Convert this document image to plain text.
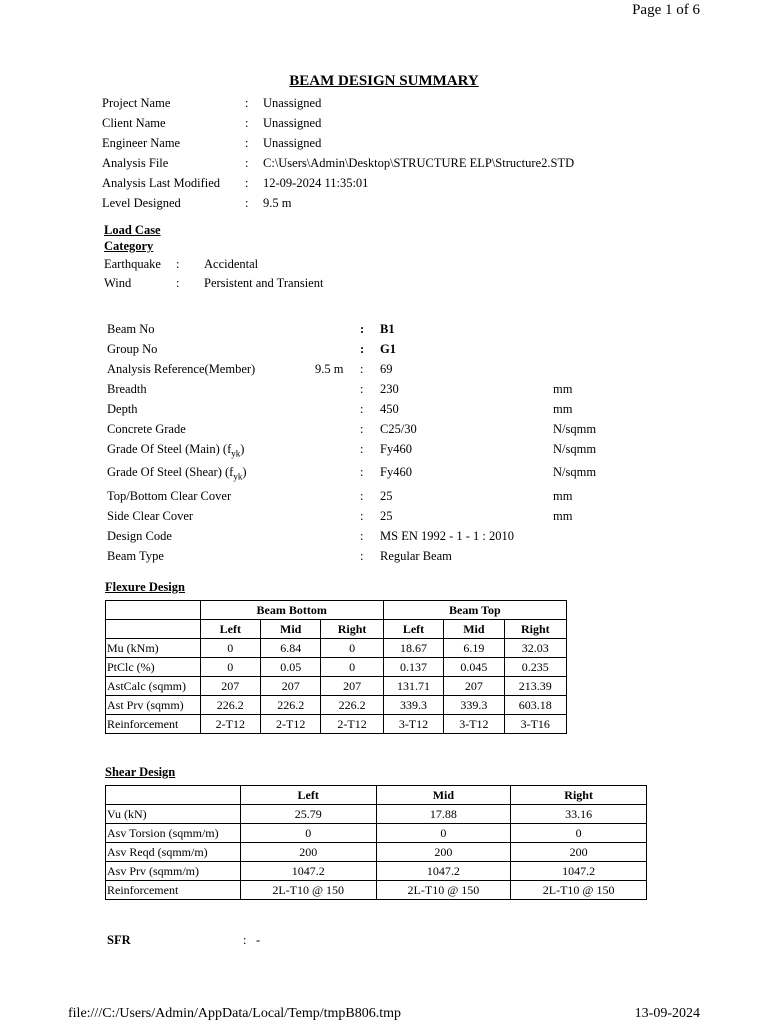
Page 1 of 6
BEAM DESIGN SUMMARY
Project Name	: Unassigned
Client Name	: Unassigned
Engineer Name	: Unassigned
Analysis File	: C:\Users\Admin\Desktop\STRUCTURE ELP\Structure2.STD
Analysis Last Modified : 12-09-2024 11:35:01
Level Designed	: 9.5 m
Load Case
Category
Earthquake : Accidental
Wind	: Persistent and Transient
Beam No	: B1
Group No	: G1
Analysis Reference(Member)	9.5 m : 69
Breadth	: 230	mm
Depth	: 450	mm
Concrete Grade	: C25/30	N/sqmm
Grade Of Steel (Main) $(f_{yk})$	: Fy460	N/sqmm
Grade Of Steel (Shear) $(f_{yk})$	: Fy460	N/sqmm
Top/Bottom Clear Cover	: 25	mm
Side Clear Cover	: 25	mm
Design Code	: MS EN 1992 - 1 - 1 : 2010
Beam Type	: Regular Beam
Flexure Design
	Beam Bottom			Beam Top		
	Left	Mid	Right	Left	Mid	Right
Mu (kNm)	0	6.84	0	18.67	6.19	32.03
PtClc (%)	0	0.05	0	0.137	0.045	0.235
AstCalc (sqmm)	207	207	207	131.71	207	213.39
Ast Prv (sqmm)	226.2	226.2	226.2	339.3	339.3	603.18
Reinforcement	2-T12	2-T12	2-T12	3-T12	3-T12	3-T16
Shear Design
	Left	Mid	Right
Vu (kN)	25.79	17.88	33.16
Asv Torsion (sqmm/m)	0	0	0
Asv Reqd (sqmm/m)	200	200	200
Asv Prv (sqmm/m)	1047.2	1047.2	1047.2
Reinforcement	2L-T10 @ 150	2L-T10 @ 150	2L-T10 @ 150
SFR	: -
file:///C:/Users/Admin/AppData/Local/Temp/tmpB806.tmp	13-09-2024
